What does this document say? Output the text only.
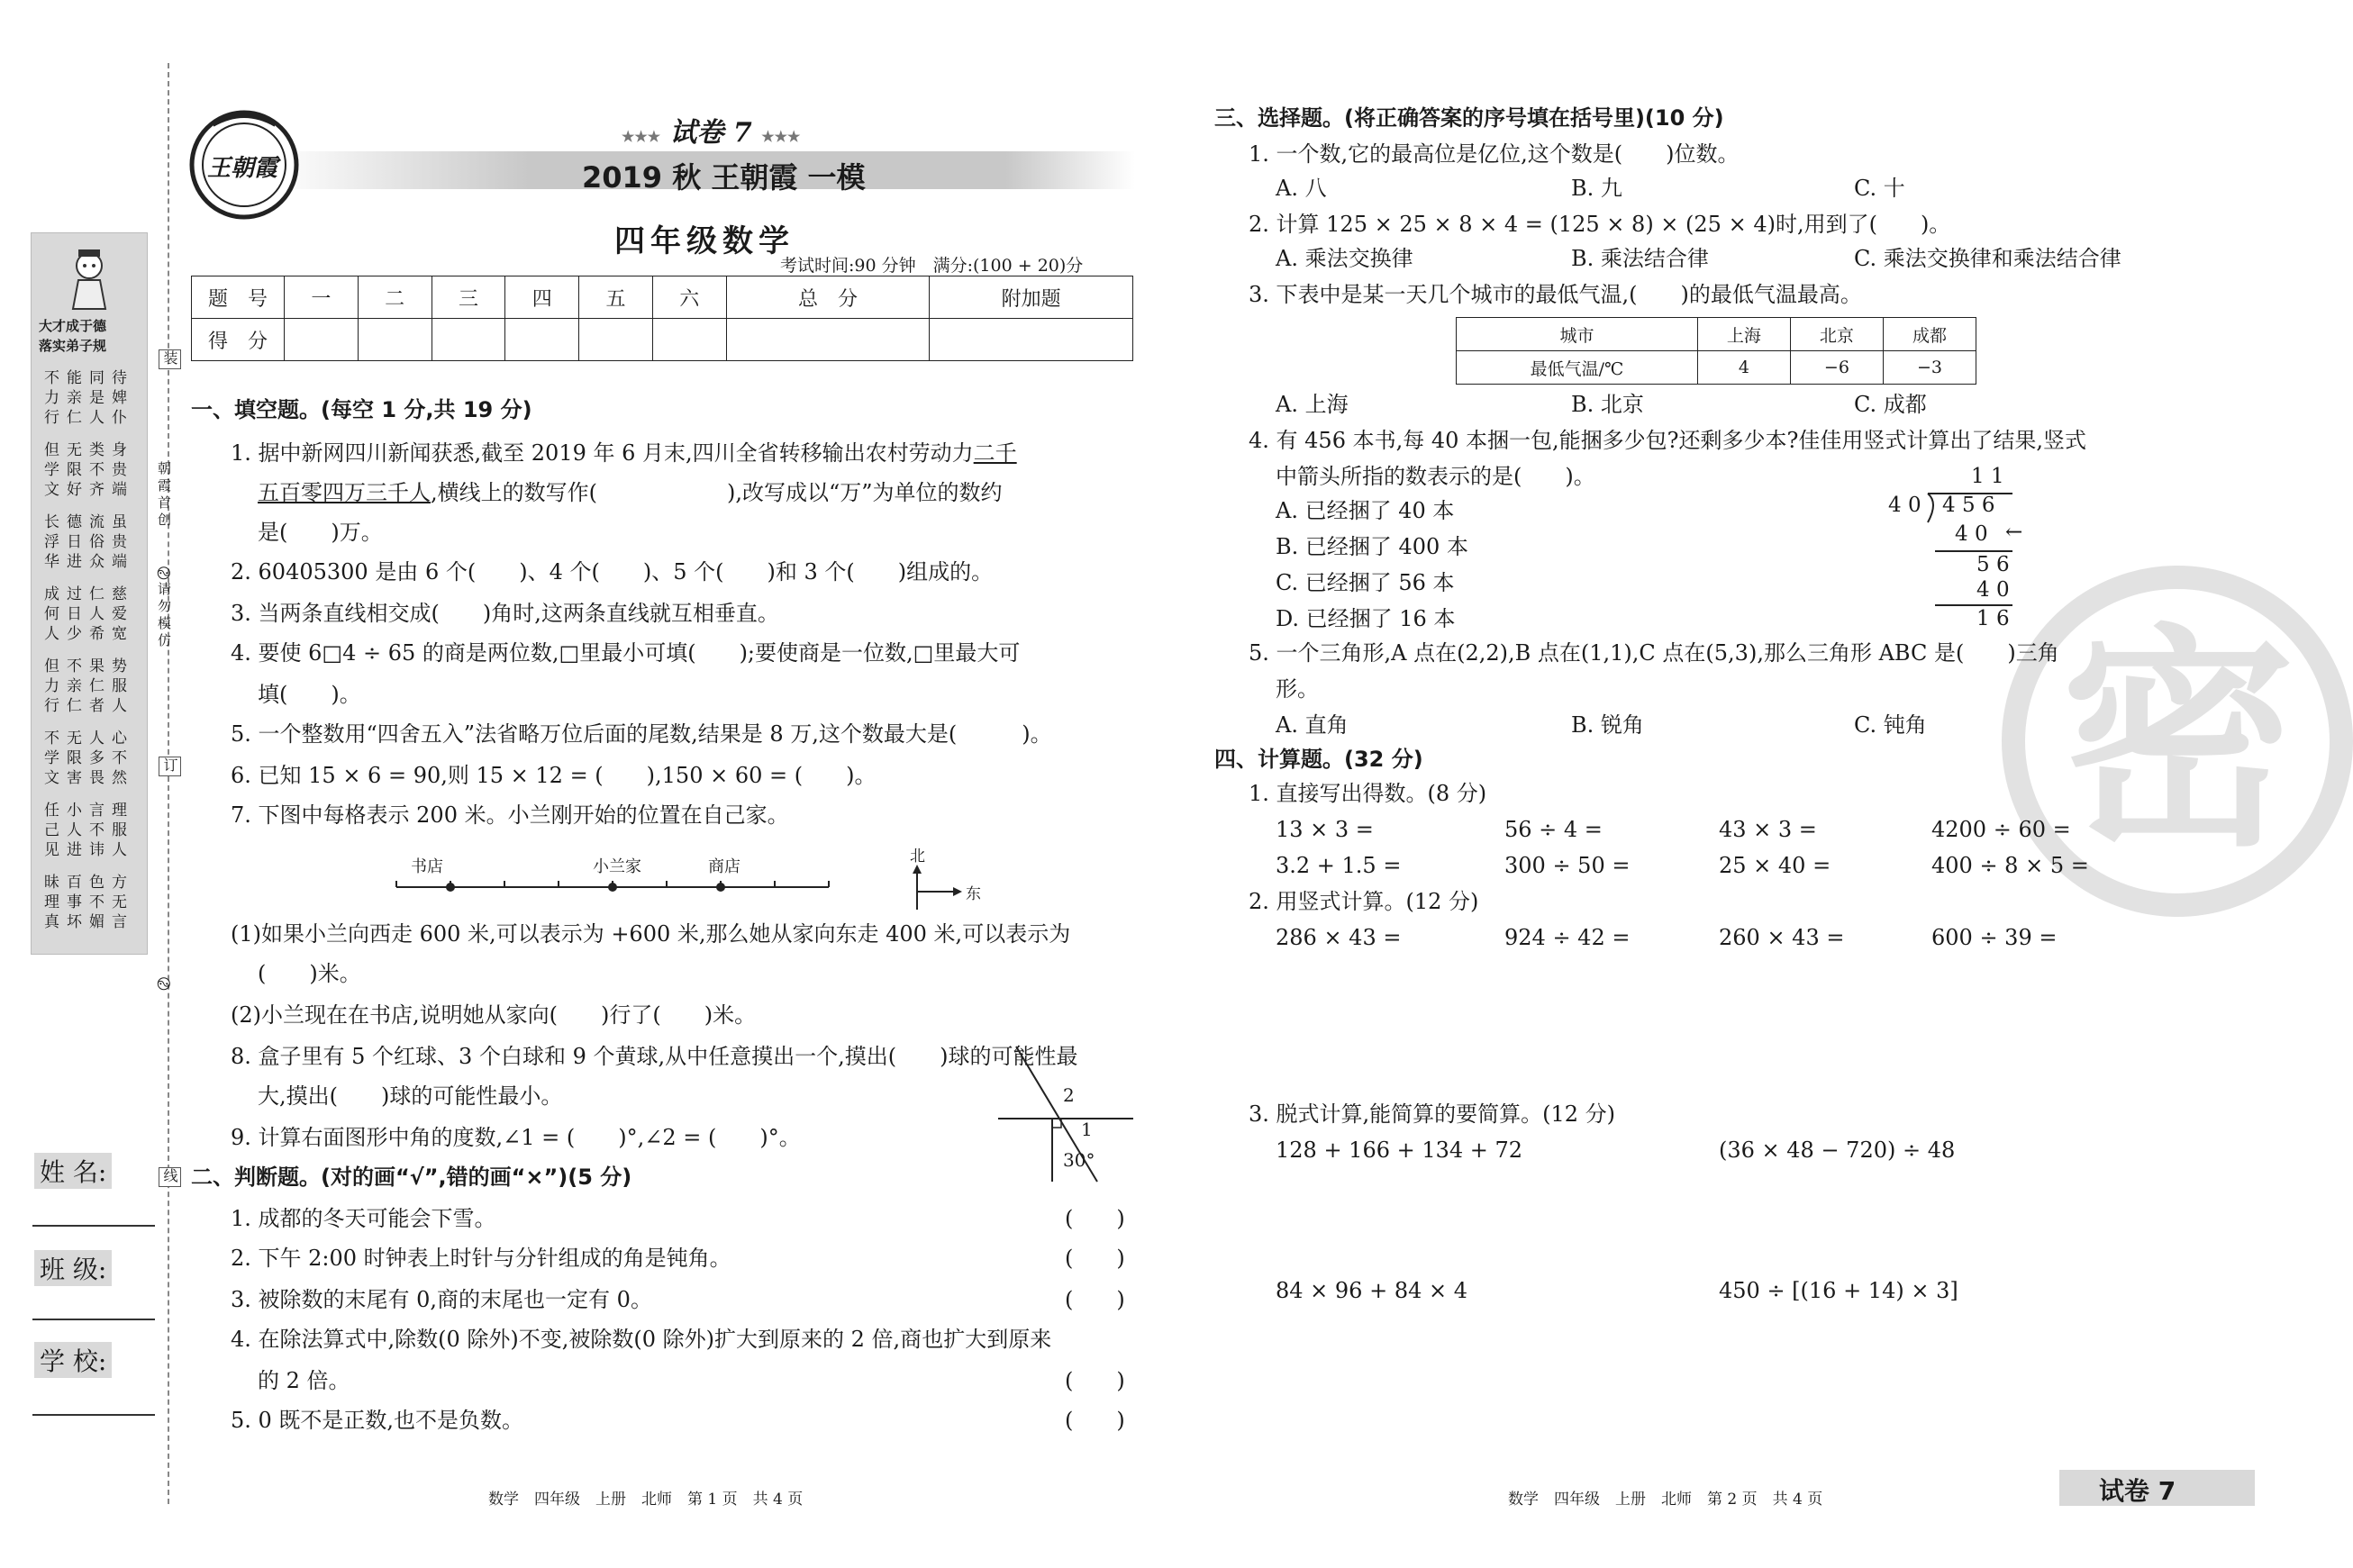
大才成于德
落实弟子规
不能同待
力亲是婢
行仁人仆
但无类身
学限不贵
文好齐端
长德流虽
浮日俗贵
华进众端
成过仁慈
何日人爱
人少希宽
但不果势
力亲仁服
行仁者人
不无人心
学限多不
文害畏然
任小言理
己人不服
见进讳人
昧百色方
理事不无
真坏媚言
装
朝霞首创
࿊
请勿模仿
订
࿊
线
姓 名:
班 级:
学 校:
王朝霞
★★★ 试卷 7 ★★★
2019 秋 王朝霞 一模
四年级数学
考试时间:90 分钟　满分:(100 + 20)分
题　号	一	二	三	四	五	六	总　分	附加题
得　分								
一、填空题。(每空 1 分,共 19 分)
1. 据中新网四川新闻获悉,截至 2019 年 6 月末,四川全省转移输出农村劳动力二千
五百零四万三千人,横线上的数写作(　　　　　　),改写成以“万”为单位的数约
是(　　)万。
2. 60405300 是由 6 个(　　)、4 个(　　)、5 个(　　)和 3 个(　　)组成的。
3. 当两条直线相交成(　　)角时,这两条直线就互相垂直。
4. 要使 6□4 ÷ 65 的商是两位数,□里最小可填(　　);要使商是一位数,□里最大可
填(　　)。
5. 一个整数用“四舍五入”法省略万位后面的尾数,结果是 8 万,这个数最大是(　　　)。
6. 已知 15 × 6 = 90,则 15 × 12 = (　　),150 × 60 = (　　)。
7. 下图中每格表示 200 米。小兰刚开始的位置在自己家。
书店	小兰家	商店
北
东
(1)如果小兰向西走 600 米,可以表示为 +600 米,那么她从家向东走 400 米,可以表示为
(　　)米。
(2)小兰现在在书店,说明她从家向(　　)行了(　　)米。
8. 盒子里有 5 个红球、3 个白球和 9 个黄球,从中任意摸出一个,摸出(　　)球的可能性最
大,摸出(　　)球的可能性最小。
9. 计算右面图形中角的度数,∠1 = (　　)°,∠2 = (　　)°。
2
1
30°
二、判断题。(对的画“√”,错的画“×”)(5 分)
1. 成都的冬天可能会下雪。	(　　)
2. 下午 2:00 时钟表上时针与分针组成的角是钝角。	(　　)
3. 被除数的末尾有 0,商的末尾也一定有 0。	(　　)
4. 在除法算式中,除数(0 除外)不变,被除数(0 除外)扩大到原来的 2 倍,商也扩大到原来
的 2 倍。	(　　)
5. 0 既不是正数,也不是负数。	(　　)
数学　四年级　上册　北师　第 1 页　共 4 页
密
三、选择题。(将正确答案的序号填在括号里)(10 分)
1. 一个数,它的最高位是亿位,这个数是(　　)位数。
A. 八	B. 九	C. 十
2. 计算 125 × 25 × 8 × 4 = (125 × 8) × (25 × 4)时,用到了(　　)。
A. 乘法交换律	B. 乘法结合律	C. 乘法交换律和乘法结合律
3. 下表中是某一天几个城市的最低气温,(　　)的最低气温最高。
城市	上海	北京	成都
最低气温/℃	4	−6	−3
A. 上海	B. 北京	C. 成都
4. 有 456 本书,每 40 本捆一包,能捆多少包?还剩多少本?佳佳用竖式计算出了结果,竖式
中箭头所指的数表示的是(　　)。
A. 已经捆了 40 本
B. 已经捆了 400 本
C. 已经捆了 56 本
D. 已经捆了 16 本
1 1
4 0 4 5 6
4 0 ←
5 6
4 0
1 6
5. 一个三角形,A 点在(2,2),B 点在(1,1),C 点在(5,3),那么三角形 ABC 是(　　)三角
形。
A. 直角	B. 锐角	C. 钝角
四、计算题。(32 分)
1. 直接写出得数。(8 分)
13 × 3 =	56 ÷ 4 =	43 × 3 =	4200 ÷ 60 =
3.2 + 1.5 =	300 ÷ 50 =	25 × 40 =	400 ÷ 8 × 5 =
2. 用竖式计算。(12 分)
286 × 43 =	924 ÷ 42 =	260 × 43 =	600 ÷ 39 =
3. 脱式计算,能简算的要简算。(12 分)
128 + 166 + 134 + 72	(36 × 48 − 720) ÷ 48
84 × 96 + 84 × 4	450 ÷ [(16 + 14) × 3]
数学　四年级　上册　北师　第 2 页　共 4 页	试卷 7
